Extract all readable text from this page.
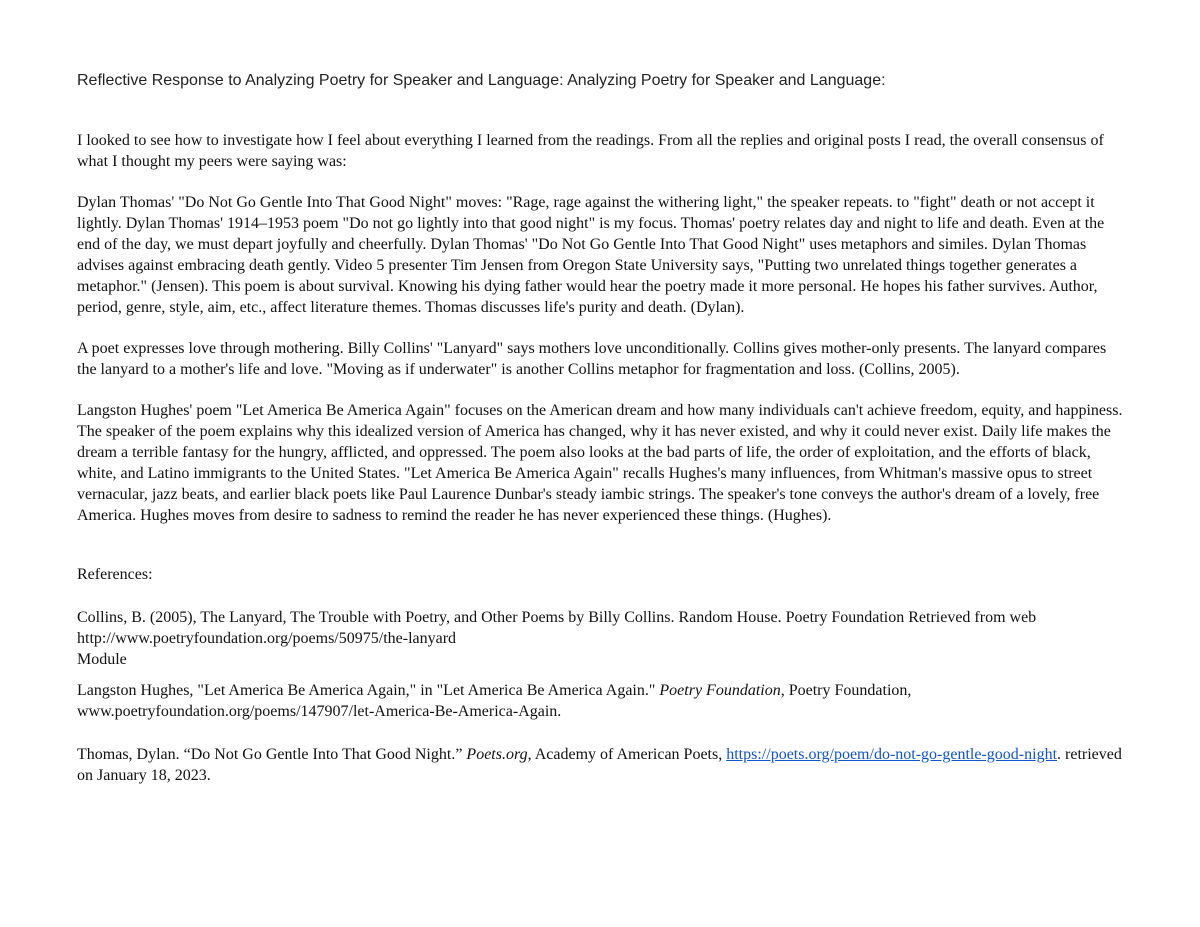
Reflective Response to Analyzing Poetry for Speaker and Language: Analyzing Poetry for Speaker and Language:

I looked to see how to investigate how I feel about everything I learned from the readings. From all the replies and original posts I read, the overall consensus of what I thought my peers were saying was:

Dylan Thomas' "Do Not Go Gentle Into That Good Night" moves: "Rage, rage against the withering light," the speaker repeats. to "fight" death or not accept it lightly. Dylan Thomas' 1914–1953 poem "Do not go lightly into that good night" is my focus. Thomas' poetry relates day and night to life and death. Even at the end of the day, we must depart joyfully and cheerfully. Dylan Thomas' "Do Not Go Gentle Into That Good Night" uses metaphors and similes. Dylan Thomas advises against embracing death gently. Video 5 presenter Tim Jensen from Oregon State University says, "Putting two unrelated things together generates a metaphor." (Jensen). This poem is about survival. Knowing his dying father would hear the poetry made it more personal. He hopes his father survives. Author, period, genre, style, aim, etc., affect literature themes. Thomas discusses life's purity and death. (Dylan).

A poet expresses love through mothering. Billy Collins' "Lanyard" says mothers love unconditionally. Collins gives mother-only presents. The lanyard compares the lanyard to a mother's life and love. "Moving as if underwater" is another Collins metaphor for fragmentation and loss. (Collins, 2005).

Langston Hughes' poem "Let America Be America Again" focuses on the American dream and how many individuals can't achieve freedom, equity, and happiness. The speaker of the poem explains why this idealized version of America has changed, why it has never existed, and why it could never exist. Daily life makes the dream a terrible fantasy for the hungry, afflicted, and oppressed. The poem also looks at the bad parts of life, the order of exploitation, and the efforts of black, white, and Latino immigrants to the United States. "Let America Be America Again" recalls Hughes's many influences, from Whitman's massive opus to street vernacular, jazz beats, and earlier black poets like Paul Laurence Dunbar's steady iambic strings. The speaker's tone conveys the author's dream of a lovely, free America. Hughes moves from desire to sadness to remind the reader he has never experienced these things. (Hughes).

References:

Collins, B. (2005), The Lanyard, The Trouble with Poetry, and Other Poems by Billy Collins. Random House. Poetry Foundation Retrieved from web http://www.poetryfoundation.org/poems/50975/the-lanyard
Module

Langston Hughes, "Let America Be America Again," in "Let America Be America Again." Poetry Foundation, Poetry Foundation, www.poetryfoundation.org/poems/147907/let-America-Be-America-Again.

Thomas, Dylan. “Do Not Go Gentle Into That Good Night.” Poets.org, Academy of American Poets, https://poets.org/poem/do-not-go-gentle-good-night. retrieved on January 18, 2023.
